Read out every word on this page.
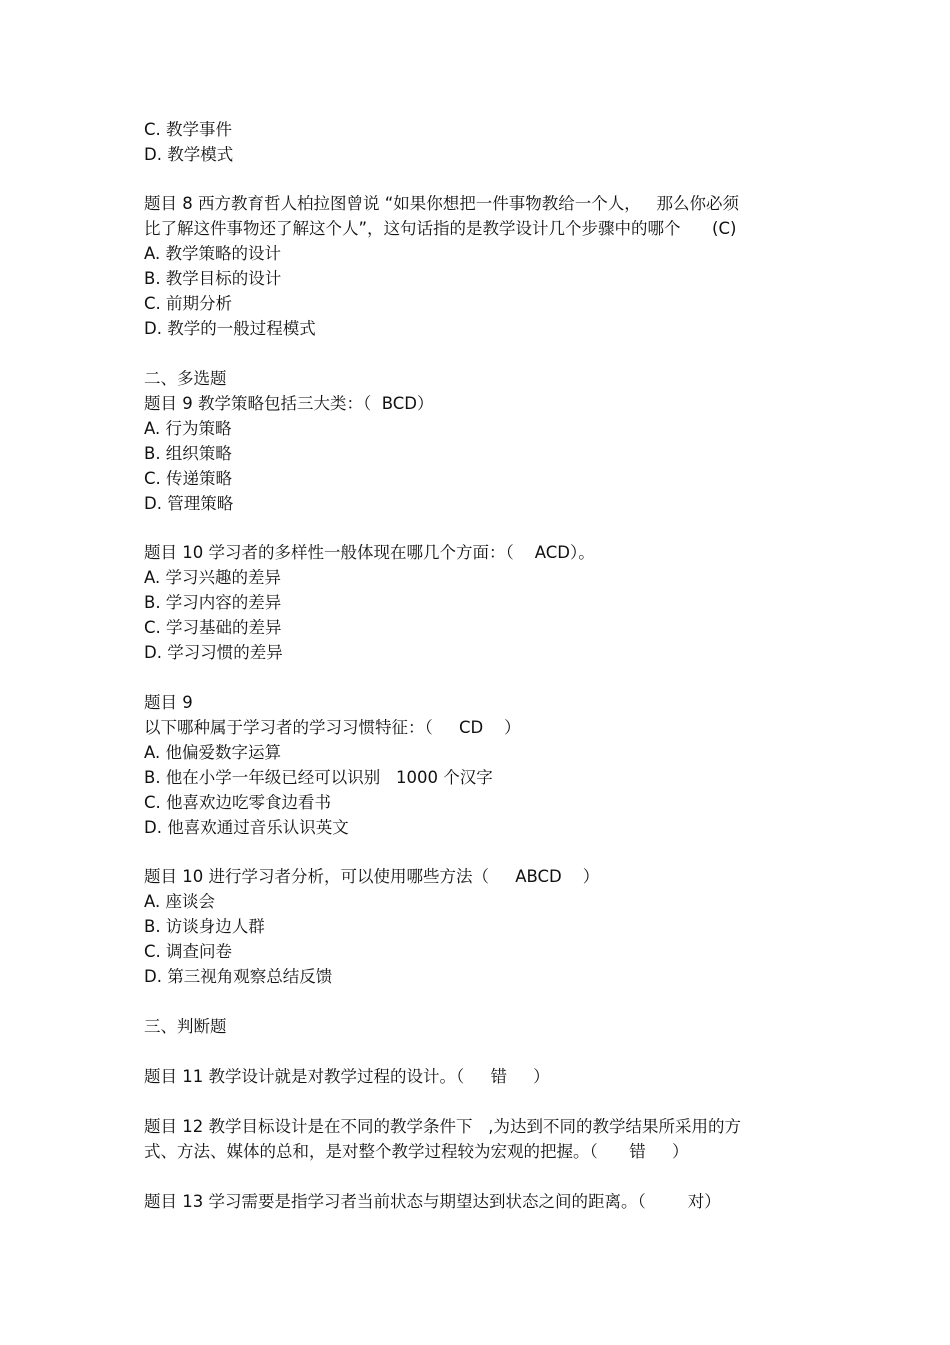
C. 教学事件
D. 教学模式
题目 8 西方教育哲人柏拉图曾说 “如果你想把一件事物教给一个人，   那么你必须
比了解这件事物还了解这个人”，这句话指的是教学设计几个步骤中的哪个      (C)
A. 教学策略的设计
B. 教学目标的设计
C. 前期分析
D. 教学的一般过程模式
二、多选题
题目 9 教学策略包括三大类：（  BCD）
A. 行为策略
B. 组织策略
C. 传递策略
D. 管理策略
题目 10 学习者的多样性一般体现在哪几个方面：（    ACD）。
A. 学习兴趣的差异
B. 学习内容的差异
C. 学习基础的差异
D. 学习习惯的差异
题目 9
以下哪种属于学习者的学习习惯特征：（     CD    ）
A. 他偏爱数字运算
B. 他在小学一年级已经可以识别   1000 个汉字
C. 他喜欢边吃零食边看书
D. 他喜欢通过音乐认识英文
题目 10 进行学习者分析，可以使用哪些方法（     ABCD    ）
A. 座谈会
B. 访谈身边人群
C. 调查问卷
D. 第三视角观察总结反馈
三、判断题
题目 11 教学设计就是对教学过程的设计。（     错     ）
题目 12 教学目标设计是在不同的教学条件下   ,为达到不同的教学结果所采用的方
式、方法、媒体的总和，是对整个教学过程较为宏观的把握。（      错     ）
题目 13 学习需要是指学习者当前状态与期望达到状态之间的距离。（        对）
